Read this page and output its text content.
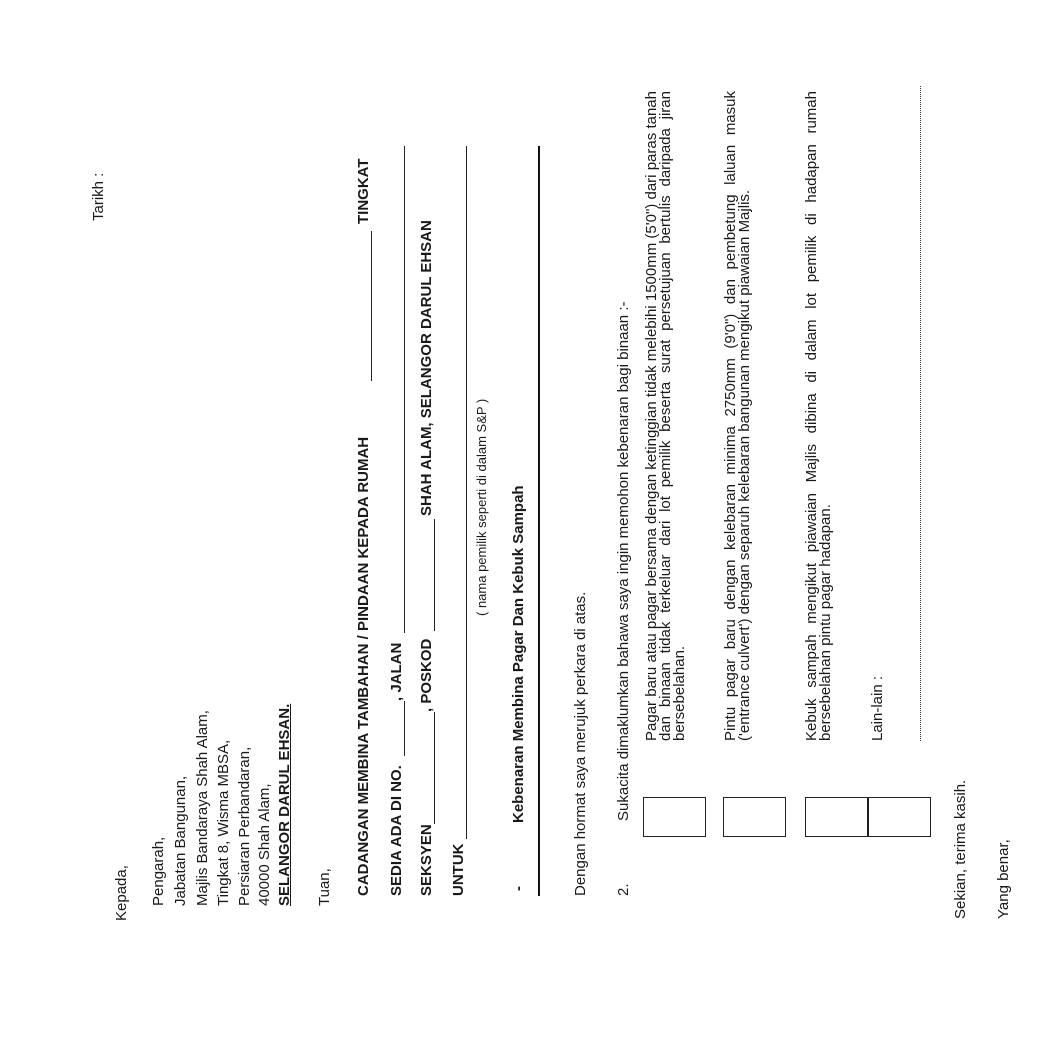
Tarikh :
Kepada, Pengarah, Jabatan Bangunan, Majlis Bandaraya Shah Alam, Tingkat 8, Wisma MBSA, Persiaran Perbandaran, 40000 Shah Alam, SELANGOR DARUL EHSAN. Tuan, CADANGAN MEMBINA TAMBAHAN / PINDAAN KEPADA RUMAH
TINGKAT
SEDIA ADA DI NO.
, JALAN
SEKSYEN
, POSKOD
SHAH ALAM, SELANGOR DARUL EHSAN
UNTUK
( nama pemilik seperti di dalam S&P )
-
Kebenaran Membina Pagar Dan Kebuk Sampah	Dengan hormat saya merujuk perkara di atas. 2.
Sukacita dimaklumkan bahawa saya ingin memohon kebenaran bagi binaan :- Pagar baru atau pagar bersama dengan ketinggian tidak melebihi 1500mm (5'0") dari paras tanah dan binaan tidak terkeluar dari lot pemilik beserta surat persetujuan bertulis daripada jiran bersebelahan. Pintu pagar baru dengan kelebaran minima 2750mm (9'0") dan pembetung laluan masuk ('entrance culvert') dengan separuh kelebaran bangunan mengikut piawaian Majlis.	Kebuk sampah mengikut piawaian Majlis dibina di dalam lot pemilik di hadapan rumah bersebelahan pintu pagar hadapan. Lain-lain :
Sekian, terima kasih. Yang benar,
